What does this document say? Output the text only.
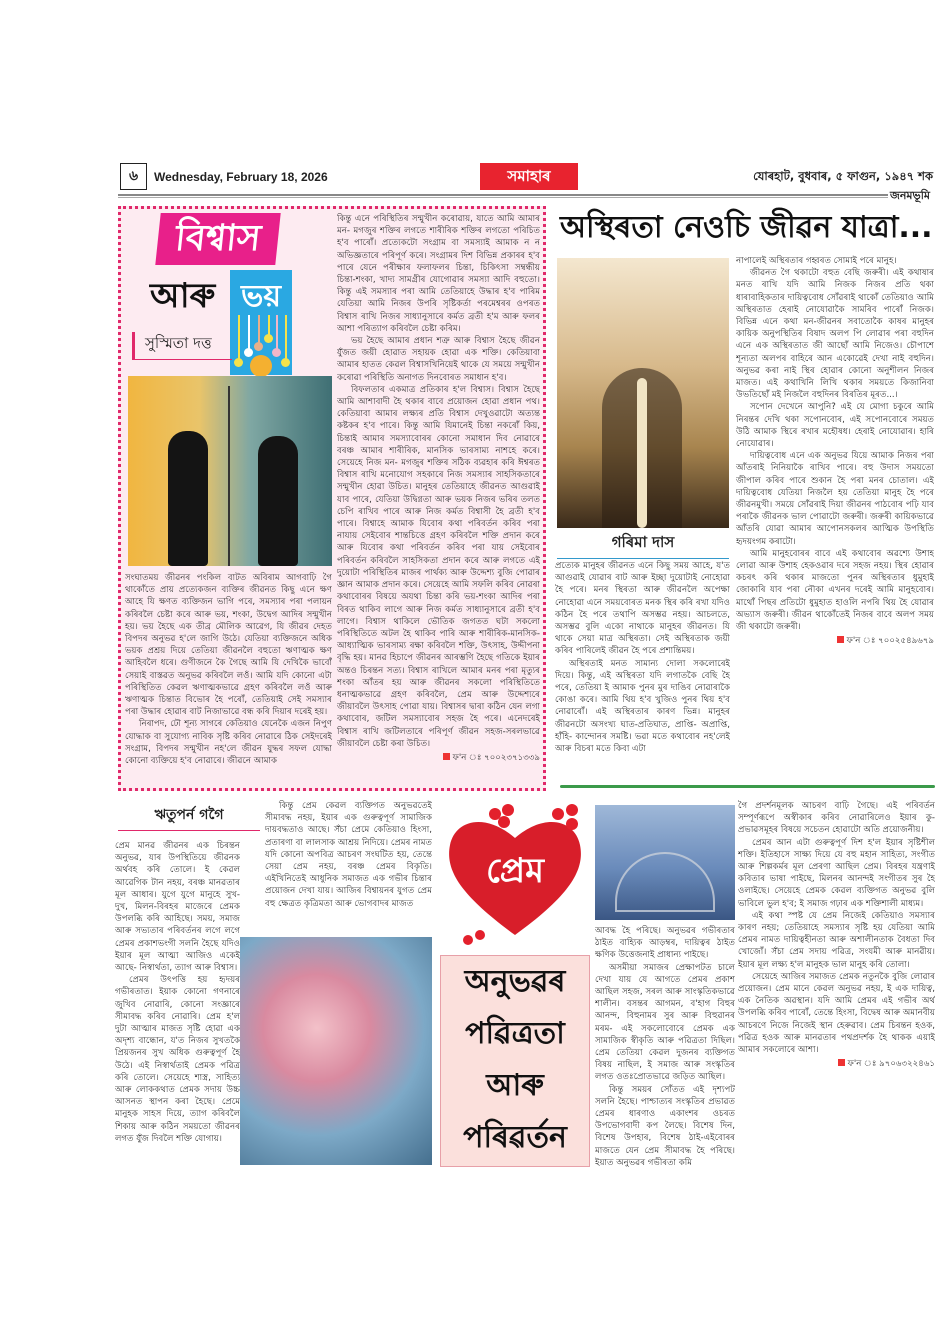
৬	Wednesday, February 18, 2026	সমাহাৰ	যোৰহাট, বুধবাৰ, ৫ ফাগুন, ১৯৪৭ শক
জনমভূমি
বিশ্বাস
আৰু ভয়
সুস্মিতা দত্ত

সংঘাতময় জীৱনৰ পংকিল বাটত অবিৰাম আগবাঢ়ি গৈ থাকোঁতে প্ৰায় প্ৰত্যেকজন ব্যক্তিৰ জীৱনত কিছু এনে ক্ষণ আহে যি ক্ষণত ব্যক্তিজন ভাগি পৰে, সমস্যাৰ পৰা পলায়ন কৰিবলৈ চেষ্টা কৰে আৰু ভয়, শংকা, উদ্বেগ আদিৰ সন্মুখীন হয়। ভয় হৈছে এক তীব্ৰ মৌলিক আৱেগ, যি জীৱৰ দেহত বিপদৰ অনুভৱ হ'লে জাগি উঠে। যেতিয়া ব্যক্তিজনে অধিক ভয়ক প্ৰশ্ৰয় দিয়ে তেতিয়া জীৱনলৈ বহুতো ঋণাত্মক ক্ষণ আহিবলৈ ধৰে। গুণীজনে কৈ গৈছে আমি যি দেখিকৈ ভাবোঁ সেয়াই বাস্তৱত অনুভৱ কৰিবলৈ লওঁ। আমি যদি কোনো এটা পৰিস্থিতিত কেৱল ঋণাত্মকভাৱে গ্ৰহণ কৰিবলৈ লওঁ আৰু ঋণাত্মক চিন্তাত বিভোৰ হৈ পৰোঁ, তেতিয়াই সেই সমস্যাৰ পৰা উদ্ধাৰ হোৱাৰ বাট নিজাভাৱে বন্ধ কৰি দিয়াৰ দৰেই হয়।

নিৰাপদ, ঢৌ শূন্য সাগৰে কেতিয়াও যেনেকৈ এজন নিপুণ যোদ্ধাক বা সুযোগ্য নাবিক সৃষ্টি কৰিব নোৱাৰে ঠিক সেইদৰেই সংগ্ৰাম, বিপদৰ সন্মুখীন নহ'লে জীৱন যুদ্ধৰ সফল যোদ্ধা কোনো ব্যক্তিয়ে হ'ব নোৱাৰে। জীৱনে আমাক

কিন্তু এনে পৰিস্থিতিৰ সন্মুখীন কৰোৱায়, যাতে আমি আমাৰ মন- মগজুৰ শক্তিৰ লগতে শাৰীৰিক শক্তিৰ লগতো পৰিচিত হ'ব পাৰোঁ। প্ৰত্যেকটো সংগ্ৰাম বা সমস্যাই আমাক ন ন অভিজ্ঞতাৰে পৰিপূৰ্ণ কৰে। সংগ্ৰামৰ দিশ বিভিন্ন প্ৰকাৰৰ হ'ব পাৰে যেনে পৰীক্ষাৰ ফলাফলৰ চিন্তা, চিকিৎসা সম্বন্ধীয় চিন্তা-শংকা, খাদ্য সামগ্ৰীৰ যোগোৱাৰ সমস্যা আদি বহুতো। কিন্তু এই সমস্যাৰ পৰা আমি তেতিয়াহে উদ্ধাৰ হ'ব পাৰিম যেতিয়া আমি নিজৰ উপৰি সৃষ্টিকৰ্তা পৰমেশ্বৰৰ ওপৰত বিশ্বাস ৰাখি নিজৰ সাধ্যানুসাৰে কৰ্মত ব্ৰতী হ'ম আৰু ফলৰ আশা পৰিত্যাগ কৰিবলৈ চেষ্টা কৰিম।

ভয় হৈছে আমাৰ প্ৰধান শত্ৰু আৰু বিশ্বাস হৈছে জীৱন যুঁজত জয়ী হোৱাত সহায়ক হোৱা এক শক্তি। কেতিয়াবা আমাৰ হাতত কেৱল বিশ্বাসখিনিয়েই থাকে যে সময়ে সন্মুখীন কৰোৱা পৰিস্থিতি অনাগত দিনবোৰত সমাধান হ'ব।

বিফলতাৰ একমাত্ৰ প্ৰতিকাৰ হ'ল বিশ্বাস। বিশ্বাস হৈছে আমি আশাবাদী হৈ থকাৰ বাবে প্ৰয়োজন হোৱা প্ৰধান পথ। কেতিয়াবা আমাৰ লক্ষ্যৰ প্ৰতি বিশ্বাস দেখুওৱাটো অত্যন্ত কষ্টকৰ হ'ব পাৰে। কিন্তু আমি যিমানেই চিন্তা নকৰোঁ কিয়, চিন্তাই আমাৰ সমস্যাবোৰৰ কোনো সমাধান দিব নোৱাৰে বৰঞ্চ আমাৰ শাৰীৰিক, মানসিক ভাৰসাম্য নাশহে কৰে। সেয়েহে নিজ মন- মগজুৰ শক্তিৰ সঠিক ব্যৱহাৰ কৰি ঈশ্বৰত বিশ্বাস ৰাখি মনোযোগ সহকাৰে নিজ সমস্যাৰ সাহসিকতাৰে সন্মুখীন হোৱা উচিত। মানুহৰ তেতিয়াহে জীৱনত আগুৱাই যাব পাৰে, যেতিয়া উদ্বিগ্নতা আৰু ভয়ক নিজৰ ভৰিৰ তলত চেপি ৰাখিব পাৰে আৰু নিজ কৰ্মত বিশ্বাসী হৈ ব্ৰতী হ'ব পাৰে। বিশ্বাহে আমাক যিবোৰ কথা পৰিবৰ্তন কৰিব পৰা নাযায় সেইবোৰ শান্তচিত্তে গ্ৰহণ কৰিবলৈ শক্তি প্ৰদান কৰে আৰু যিবোৰ কথা পৰিবৰ্তন কৰিব পৰা যায় সেইবোৰ পৰিবৰ্তন কৰিবলৈ সাহসিকতা প্ৰদান কৰে আৰু লগতে এই দুয়োটা পৰিস্থিতিৰ মাজৰ পাৰ্থক্য আৰু উদ্দেশ্য বুজি পোৱাৰ জ্ঞান আমাক প্ৰদান কৰে। সেয়েহে আমি সফলি কৰিব নোৱৰা কথাবোৰৰ বিষয়ে অযথা চিন্তা কৰি ভয়-শংকা আদিৰ পৰা বিৰত থাকিব লাগে আৰু নিজ কৰ্মত সাধ্যানুসাৰে ব্ৰতী হ'ব লাগে। বিশ্বাস থাকিলে ভৌতিক জগতত ঘটা সকলো পৰিস্থিতিতে অটল হৈ থাকিব পাৰি আৰু শাৰীৰিক-মানসিক-আধ্যাত্মিক ভাৰসাম্য ৰক্ষা কৰিবলৈ শক্তি, উৎসাহ, উদ্দীপনা বৃদ্ধি হয়। মানৱ হিচাপে জীৱনৰ আৰম্ভণি হৈছে গতিকে ইয়াৰ অন্তও চিৰন্তন সত্য। বিশ্বাস ৰাখিলে আমাৰ মনৰ পৰা মৃত্যুৰ শংকা আঁতৰ হয় আৰু জীৱনৰ সকলো পৰিস্থিতিতে ধনাত্মকভাৱে গ্ৰহণ কৰিবলৈ, প্ৰেম আৰু উদ্দেশ্যৰে জীয়াবলৈ উৎসাহ পোৱা যায়। বিশ্বাসৰ দ্বাৰা কঠিন যেন লগা কথাবোৰ, জটিল সমস্যাবোৰ সহজ হৈ পৰে। এনেদৰেই বিশ্বাস ৰাখি জটিলতাৰে পৰিপূৰ্ণ জীৱন সহজ-সৰলভাৱে জীয়াবলৈ চেষ্টা কৰা উচিত।

ফ'ন ঃ ৭০০২৩৭১৩৩৯
অস্থিৰতা নেওচি জীৱন যাত্ৰা...
গৰিমা দাস

প্ৰত্যেক মানুহৰ জীৱনত এনে কিছু সময় আহে, য'ত আগুৱাই যোৱাৰ বাট আৰু ইচ্ছা দুয়োটাই নোহোৱা হৈ পৰে। মনৰ স্থিৰতা আৰু জীৱনলৈ অপেক্ষা নোহোৱা এনে সময়বোৰত মনক স্থিৰ কৰি ৰখা যদিও কঠিন হৈ পৰে তথাপি অসম্ভৱ নহয়। আচলতে, অসম্ভৱ বুলি একো নাথাকে মানুহৰ জীৱনত। যি থাকে সেয়া মাত্ৰ অস্থিৰতা। সেই অস্থিৰতাক জয়ী কৰিব পাৰিলেই জীৱন হৈ পৰে প্ৰশান্তিময়।

অস্থিৰতাই মনত সামান্য দোলা সকলোৰেই দিয়ে। কিন্তু, এই অস্থিৰতা যদি লগাতকৈ বেছি হৈ পৰে, তেতিয়া ই আমাক পুনৰ মুৰ দাঙিব নোৱাৰাকৈ কোঙা কৰে। আমি থিয় হ'ব খুজিও পুনৰ থিয় হ'ব নোৱাৰোঁ। এই অস্থিৰতাৰ কাৰণ ভিন্ন। মানুহৰ জীৱনটো অসংখ্য ঘাত-প্ৰতিঘাত, প্ৰাপ্তি- অপ্ৰাপ্তি, হাঁহি- কান্দোনৰ সমষ্টি। ভৱা মতে কথাবোৰ নহ'লেই আৰু বিচৰা মতে কিবা এটা

নাপালেই অস্থিৰতাৰ গহ্বৰত সোমাই পৰে মানুহ।

জীৱনত গৈ থকাটো বহুত বেছি জৰুৰী। এই কথাষাৰ মনত ৰাখি যদি আমি নিজক নিজৰ প্ৰতি থকা ধাৰাবাহিকতাৰ দায়িত্ববোধ সোঁৱৰাই থাকোঁ তেতিয়াও আমি অস্থিৰতাত হেৰাই নোযোৱাকৈ সামৰিব পাৰোঁ নিজক। বিভিন্ন এনে কথা মন-জীৱনৰ সবাতোকৈ কাষৰ মানুহৰ কায়িক অনুপস্থিতিৰ বিষাদ অলপ পি লোৱাৰ পৰা বহুদিন এনে এক অস্থিৰতাত জী আছোঁ আমি নিজেও। চৌপাশে শূন্যতা অলপৰ বাহিৰে আন একোৱেই দেখা নাই বহুদিন। অনুভৱ কৰা নাই স্থিৰ হোৱাৰ কোনো অনুশীলন নিজৰ মাজত। এই কথাখিনি লিখি থকাৰ সময়তে কিজানিবা উভতিছোঁ মই নিজলৈ বহুদিনৰ বিৰতিৰ মূৰত...।

সপোন দেখেনে আপুনি? এই যে মোগা চকুৰে আমি নিৰন্তৰ দেখি থকা সপোনবোৰ, এই সপোনবোৰে সময়ত উঠি আমাক স্থিৰে ৰখাৰ মহৌষধ। হেৰাই নোযোৱাৰ। হাৰি নোযোৱাৰ।

দায়িত্ববোধ এনে এক অনুভৱ যিয়ে আমাক নিজৰ পৰা আঁতৰাই নিনিয়াকৈ ৰাখিব পাৰে। বহু উদাস সময়তো জীপাল কৰিব পাৰে শুকান হৈ পৰা মনৰ চোতাল। এই দায়িত্ববোধ যেতিয়া নিজলৈ হয় তেতিয়া মানুহ হৈ পৰে জীৱনমুখী। সময়ে সোঁৱৰাই দিয়া জীৱনৰ পাঠবোৰ পঢ়ি যাব পৰাকৈ জীৱনক ভাল পোৱাটো জৰুৰী। জৰুৰী কায়িকভাৱে আঁতৰি যোৱা আমাৰ আপোনসকলৰ আত্মিক উপস্থিতি হৃদয়ংগম কৰাটো।

আমি মানুহবোৰৰ বাবে এই কথাবোৰ অৱশ্যে উশাহ লোৱা আৰু উশাহ হেকওৱাৰ দৰে সহজ নহয়। স্থিৰ হোৱাৰ কচৰৎ কৰি থকাৰ মাজতো পুনৰ অস্থিৰতাৰ ধুমুহাই জোকাৰি যাব পৰা নৌকা এখনৰ দৰেই আমি মানুহবোৰ। মাথোঁ পিছৰ প্ৰতিটো ধুমুহাত হাওলি নপৰি থিয় হৈ যোৱাৰ অভ্যাস জৰুৰী। জীৱন থাকোঁতেই নিজৰ বাবে অলপ সময় জী থকাটো জৰুৰী।

ফ'ন ঃ ৭০০২৫৪৯৬৭৯
ঋতুপৰ্ন গগৈ

প্ৰেম মানৱ জীৱনৰ এক চিৰন্তন অনুভৱ, যাৰ উপস্থিতিয়ে জীৱনক অৰ্থবহ কৰি তোলে। ই কেৱল আৱেগিক টান নহয়, বৰঞ্চ মানৱতাৰ মূল আধাৰ। যুগে যুগে মানুহে সুখ-দুখ, মিলন-বিৰহৰ মাজেৰে প্ৰেমক উপলব্ধি কৰি আহিছে। সময়, সমাজ আৰু সভ্যতাৰ পৰিবৰ্তনৰ লগে লগে প্ৰেমৰ প্ৰকাশভংগী সলনি হৈছে যদিও ইয়াৰ মূল আত্মা আজিও একেই আছে- নিস্বাৰ্থতা, ত্যাগ আৰু বিশ্বাস।

প্ৰেমৰ উৎপত্তি হয় হৃদয়ৰ গভীৰতাত। ইয়াক কোনো গণনাৰে জুখিব নোৱাৰি, কোনো সংজ্ঞাৰে সীমাবদ্ধ কৰিব নোৱাৰি। প্ৰেম হ'ল দুটা আত্মাৰ মাজত সৃষ্টি হোৱা এক অদৃশ্য বান্ধোন, য'ত নিজৰ সুখতকৈ প্ৰিয়জনৰ সুখ অধিক গুৰুত্বপূৰ্ণ হৈ উঠে। এই নিস্বাৰ্থতাই প্ৰেমক পৱিত্ৰ কৰি তোলে। সেয়েহে শাস্ত্ৰ, সাহিত্য আৰু লোককথাত প্ৰেমক সদায় উচ্চ আসনত স্থাপন কৰা হৈছে। প্ৰেমে মানুহক সাহস দিয়ে, ত্যাগ কৰিবলৈ শিকায় আৰু কঠিন সময়তো জীৱনৰ লগত যুঁজ দিবলৈ শক্তি যোগায়।

কিন্তু প্ৰেম কেৱল ব্যক্তিগত অনুভৱতেই সীমাবদ্ধ নহয়, ইয়াৰ এক গুৰুত্বপূৰ্ণ সামাজিক দায়বদ্ধতাও আছে। সঁচা প্ৰেমে কেতিয়াও হিংসা, প্ৰতাৰণা বা লালসাক আশ্ৰয় নিদিয়ে। প্ৰেমৰ নামত যদি কোনো অপবিত্ৰ আচৰণ সংঘটিত হয়, তেন্তে সেয়া প্ৰেম নহয়, বৰঞ্চ প্ৰেমৰ বিকৃতি। এইখিনিতেই আধুনিক সমাজত এক গভীৰ চিন্তাৰ প্ৰয়োজন দেখা যায়। আজিৰ বিশ্বায়নৰ যুগত প্ৰেম বহু ক্ষেত্ৰত কৃত্ৰিমতা আৰু ভোগবাদৰ মাজত

প্ৰেম
অনুভৱৰ
পৱিত্ৰতা
আৰু
পৰিৱৰ্তন

আবদ্ধ হৈ পৰিছে। অনুভৱৰ গভীৰতাৰ ঠাইত বাহ্যিক আড়ম্বৰ, দায়িত্বৰ ঠাইত ক্ষণিক উত্তেজনাই প্ৰাধান্য পাইছে।

অসমীয়া সমাজৰ প্ৰেক্ষাপটত চালে দেখা যায় যে আগতে প্ৰেমৰ প্ৰকাশ আছিল সহজ, সৰল আৰু সাংস্কৃতিকভাৱে শালীন। বসন্তৰ আগমন, ব'হাগ বিহুৰ আনন্দ, বিহুনামৰ সুৰ আৰু বিহুৱানৰ মৰম- এই সকলোবোৰে প্ৰেমক এক সামাজিক স্বীকৃতি আৰু পৱিত্ৰতা দিছিল। প্ৰেম তেতিয়া কেৱল দুজনৰ ব্যক্তিগত বিষয় নাছিল, ই সমাজ আৰু সংস্কৃতিৰ লগত ওতঃপ্ৰোতভাৱে জড়িত আছিল।

কিন্তু সময়ৰ সোঁতত এই দৃশ্যপট সলনি হৈছে। পাশ্চাত্যৰ সংস্কৃতিৰ প্ৰভাৱত প্ৰেমৰ ধাৰণাও একাংশৰ ওচৰত উপভোগবাদী কপ লৈছে। বিশেষ দিন, বিশেষ উপহাৰ, বিশেষ ঠাই-এইবোৰৰ মাজতে যেন প্ৰেম সীমাবদ্ধ হৈ পৰিছে। ইয়াত অনুভৱৰ গভীৰতা কমি

গৈ প্ৰদৰ্শনমূলক আচৰণ বাঢ়ি গৈছে। এই পৰিবৰ্তন সম্পূৰ্ণৰূপে অস্বীকাৰ কৰিব নোৱাৰিলেও ইয়াৰ কু-প্ৰভাৱসমূহৰ বিষয়ে সচেতন হোৱাটো অতি প্ৰয়োজনীয়।

প্ৰেমৰ আন এটা গুৰুত্বপূৰ্ণ দিশ হ'ল ইয়াৰ সৃষ্টিশীল শক্তি। ইতিহাসে সাক্ষ্য দিয়ে যে বহু মহান সাহিত্য, সংগীত আৰু শিল্পকৰ্মৰ মূল প্ৰেৰণা আছিল প্ৰেম। বিৰহৰ যন্ত্ৰণাই কবিতাৰ ভাষা পাইছে, মিলনৰ আনন্দই সংগীতৰ সুৰ হৈ ওলাইছে। সেয়েহে প্ৰেমক কেৱল ব্যক্তিগত অনুভৱ বুলি ভাবিলে ভুল হ'ব; ই সমাজ গঢ়াৰ এক শক্তিশালী মাধ্যম।

এই কথা স্পষ্ট যে প্ৰেম নিজেই কেতিয়াও সমস্যাৰ কাৰণ নহয়; তেতিয়াহে সমস্যাৰ সৃষ্টি হয় যেতিয়া আমি প্ৰেমৰ নামত দায়িত্বহীনতা আৰু অশালীনতাক বৈধতা দিব খোজোঁ। সঁচা প্ৰেম সদায় পৱিত্ৰ, সংযমী আৰু মানৱীয়। ইয়াৰ মূল লক্ষ্য হ'ল মানুহক ভাল মানুহ কৰি তোলা।

সেয়েহে আজিৰ সমাজত প্ৰেমক নতুনকৈ বুজি লোৱাৰ প্ৰয়োজন। প্ৰেম মানে কেৱল অনুভৱ নহয়, ই এক দায়িত্ব, এক নৈতিক অৱস্থান। যদি আমি প্ৰেমৰ এই গভীৰ অৰ্থ উপলব্ধি কৰিব পাৰোঁ, তেন্তে হিংসা, বিদ্বেষ আৰু অমানবীয় আচৰণে নিজে নিজেই স্থান হেৰুৱাব। প্ৰেম চিৰন্তন হওক, পৱিত্ৰ হওক আৰু মানৱতাৰ পথপ্ৰদৰ্শক হৈ থাকক এয়াই আমাৰ সকলোৰে আশা।

ফ'ন ঃ ৯৭০৬৩২২৪৬১
